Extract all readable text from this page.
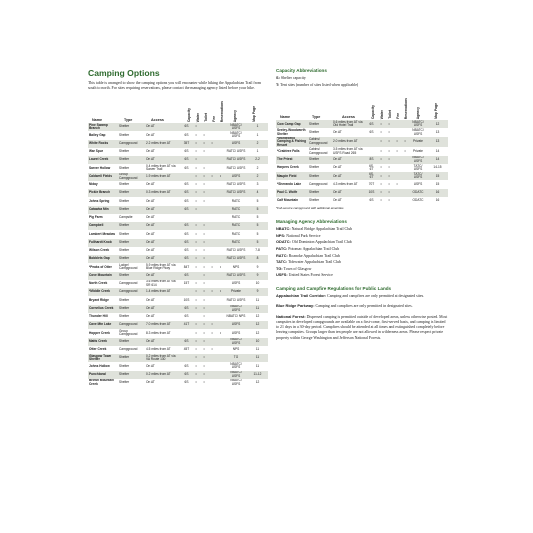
Camping Options

This table is arranged to show the camping options you will encounter while hiking the Appalachian Trail from south to north. For sites requiring reservations, please contact the managing agency listed before your hike.

Name	Type	Access	Capacity Water Toilet Fee Reservations	Agency	Map Page
Pine Swamp Branch	Shelter	On AT	6S	•				NBATC/ USFS	1
Bailey Gap	Shelter	On AT	6S	•	•			NBATC/ USFS	1
White Rocks	Campground	2.2 miles from AT	35T	•	•	•		USFS	2
War Spur	Shelter	On AT	6S	•	•			RATC/ USFS	1
Laurel Creek	Shelter	On AT	6S	•				RATC/ USFS	2-2
Sarver Hollow	Shelter	0.4 miles from AT via Sarver Trail	6S	•	•			RATC/ USFS	2
Caldwell Fields	Group Campground	1.9 miles from AT		•	•	•	•	USFS	2
Niday	Shelter	On AT	6S	•	•			RATC/ USFS	3
Pickle Branch	Shelter	0.3 miles from AT	6S	•	•			RATC/ USFS	4
Johns Spring	Shelter	On AT	6S	•	•			RATC	5
Catawba Mtn	Shelter	On AT	6S	•				RATC	5
Pig Farm	Campsite	On AT						RATC	5
Campbell	Shelter	On AT	6S	•	•			RATC	5
Lambert Meadow	Shelter	On AT	6S	•	•			RATC	5
Fullhardt Knob	Shelter	On AT	6S	•	•			RATC	5
Wilson Creek	Shelter	On AT	6S	•	•			RATC/ USFS	7-8
Bobblets Gap	Shelter	On AT	6S	•	•			RATC/ USFS	8
*Peaks of Otter	Lodge/ Campground	5.9 miles from AT via Blue Ridge Pkwy	84T	•	•	•	•	NPS	9
Cove Mountain	Shelter	On AT	6S		•			RATC/ USFS	9
North Creek	Campground	3.6 miles from AT via SR 614	15T	•	•			USFS	10
*Middle Creek	Campground	1.4 miles from AT		•	•	•	•	Private	9
Bryant Ridge	Shelter	On AT	10S	•	•			RATC/ USFS	11
Cornelius Creek	Shelter	On AT	6S	•	•			NBATC/ USFS	11
Thunder Hill	Shelter	On AT	6S		•			NBATC/ NPS	12
Cave Mtn Lake	Campground	7.0 miles from AT	41T	•	•	•		USFS	12
Hopper Creek	Group Campground	8.3 miles from AT		•	•	•	•	USFS	12
Matts Creek	Shelter	On AT	6S	•	•			NBATC/ USFS	10
Otter Creek	Campground	4.5 miles from AT	45T	•	•	•		NPS	11
Glasgow Town Shelter	Shelter	0.2 miles from AT via VA Route 130		•	•			TG	11
Johns Hollow	Shelter	On AT	6S	•	•			NBATC/ USFS	11
Punchbowl	Shelter	0.2 miles from AT	6S	•	•			NBATC/ USFS	11-12
Brown Mountain Creek	Shelter	On AT	6S	•	•			NBATC/ USFS	12
Capacity Abbreviations

S: Shelter capacity

T: Tent sites (number of sites listed when applicable)

Name	Type	Access	Capacity Water Toilet Fee Reservations Agency	Map Page
Cow Camp Gap	Shelter	0.6 miles from AT via Old Hotel Trail	6S	•	•			NBATC/ USFS	12
Seeley-Woodworth Shelter	Shelter	On AT	6S	•	•			NBATC/ USFS	13
*Montebello Camping & Fishing Resort	Cabins/ Campground	2.0 miles from AT		•	•	•	•	Private	13
*Crabtree Falls	Cabins/ Campground	3.5 miles from AT via USFS Road 265		•	•	•	•	Private	14
The Priest	Shelter	On AT	8S	•	•			NBATC/ USFS	14
Harpers Creek	Shelter	On AT	6S, 6T	•	•			TATC/ USFS	14-15
Maupin Field	Shelter	On AT	6S, 6T	•	•			TATC/ USFS	15
*Sherando Lake	Campground	4.3 miles from AT	70T	•	•	•		USFS	15
Paul C. Wolfe	Shelter	On AT	10S	•	•			ODATC	16
Calf Mountain	Shelter	On AT	6S	•	•			ODATC	16

*Full-service campground with additional amenities

Managing Agency Abbreviations

NBATC: Natural Bridge Appalachian Trail Club

NPS: National Park Service

ODATC: Old Dominion Appalachian Trail Club

PATC: Potomac Appalachian Trail Club

RATC: Roanoke Appalachian Trail Club

TATC: Tidewater Appalachian Trail Club

TG: Town of Glasgow

USFS: United States Forest Service

Camping and Campfire Regulations for Public Lands

Appalachian Trail Corridor: Camping and campfires are only permitted at designated sites.

Blue Ridge Parkway: Camping and campfires are only permitted in designated sites.

National Forest: Dispersed camping is permitted outside of developed areas, unless otherwise posted. Most campsites in developed campgrounds are available on a first-come, first-served basis, and camping is limited to 21 days in a 30-day period. Campfires should be attended at all times and extinguished completely before leaving campsites. Groups larger than ten people are not allowed in wilderness areas. Please respect private property within George Washington and Jefferson National Forests.
